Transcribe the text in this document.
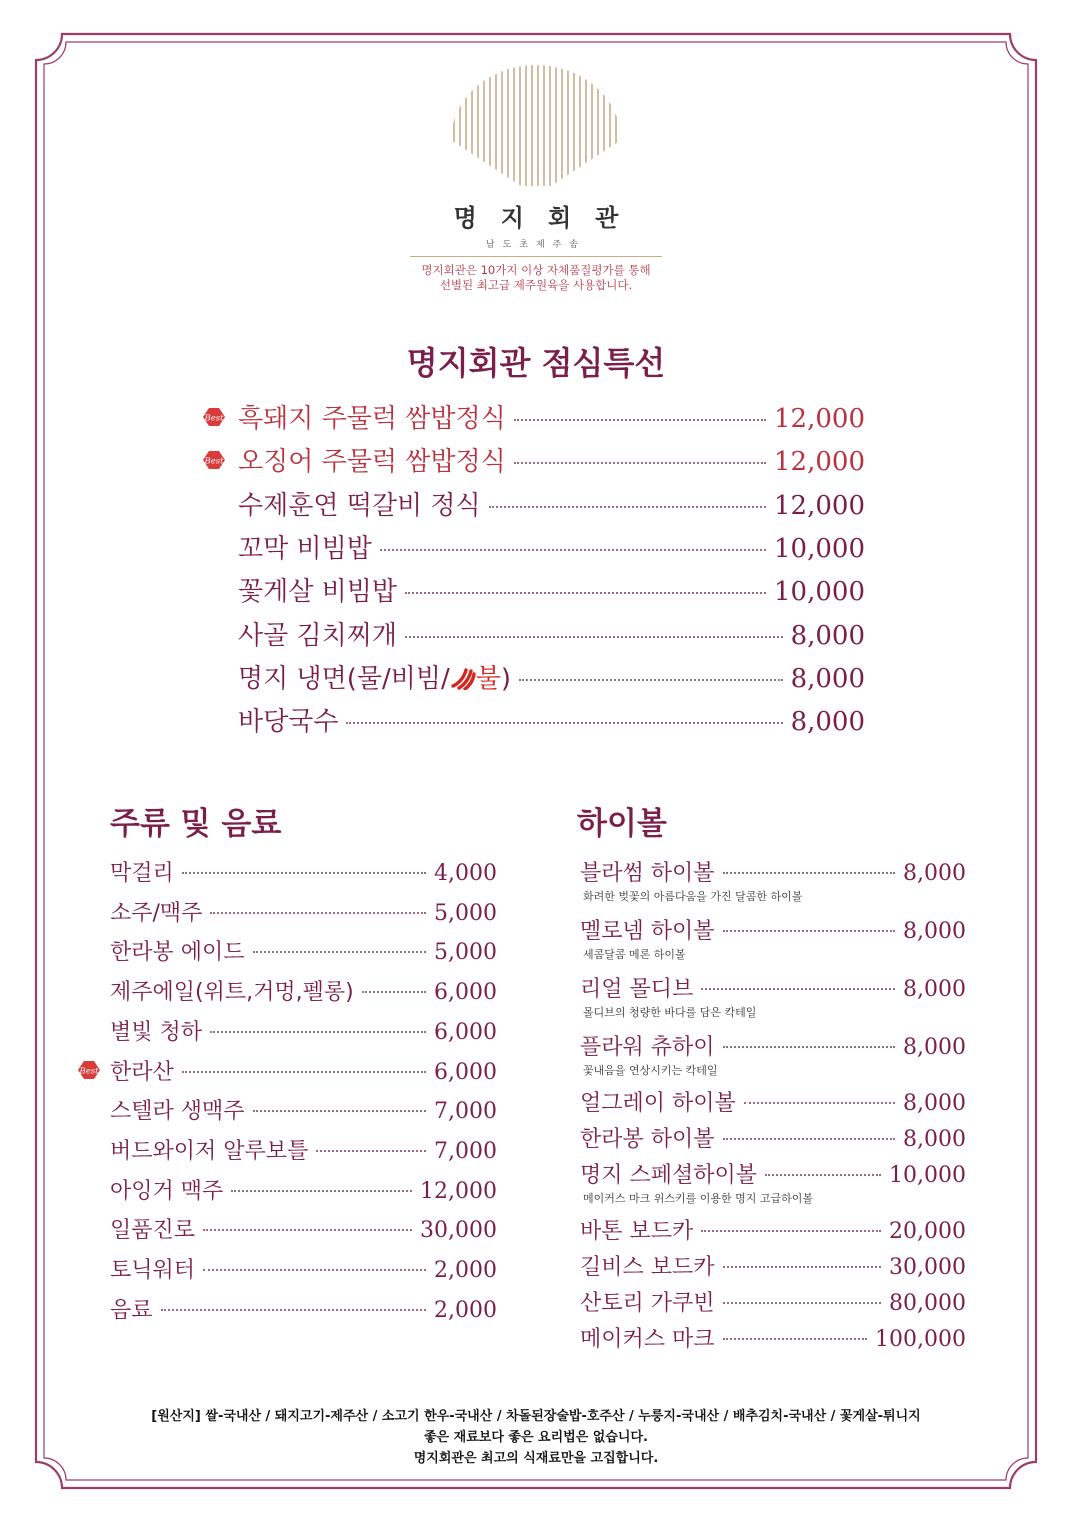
명지회관
남도초제주솜
명지회관은 10가지 이상 자체품질평가를 통해
선별된 최고급 제주원육을 사용합니다.
명지회관 점심특선
흑돼지 주물럭 쌈밥정식	12,000
오징어 주물럭 쌈밥정식	12,000
수제훈연 떡갈비 정식	12,000
꼬막 비빔밥	10,000
꽃게살 비빔밥	10,000
사골 김치찌개	8,000
명지 냉면(물/비빔/ 불)	8,000
바당국수	8,000
주류 및 음료
막걸리	4,000
소주/맥주	5,000
한라봉 에이드	5,000
제주에일(위트,거멍,펠롱)	6,000
별빛 청하	6,000
한라산	6,000
스텔라 생맥주	7,000
버드와이저 알루보틀	7,000
아잉거 맥주	12,000
일품진로	30,000
토닉워터	2,000
음료	2,000
하이볼
블라썸 하이볼	8,000
화려한 벚꽃의 아름다움을 가진 달콤한 하이볼
멜로넴 하이볼	8,000
세콤달콤 메론 하이볼
리얼 몰디브	8,000
몰디브의 청량한 바다를 담은 칵테일
플라워 츄하이	8,000
꽃내음을 연상시키는 칵테일
얼그레이 하이볼	8,000
한라봉 하이볼	8,000
명지 스페셜하이볼	10,000
메이커스 마크 위스키를 이용한 명지 고급하이볼
바톤 보드카	20,000
길비스 보드카	30,000
산토리 가쿠빈	80,000
메이커스 마크	100,000
[원산지] 쌀-국내산 / 돼지고기-제주산 / 소고기 한우-국내산 / 차돌된장술밥-호주산 / 누룽지-국내산 / 배추김치-국내산 / 꽃게살-튀니지
좋은 재료보다 좋은 요리법은 없습니다.
명지회관은 최고의 식재료만을 고집합니다.
Best
Best
Best
